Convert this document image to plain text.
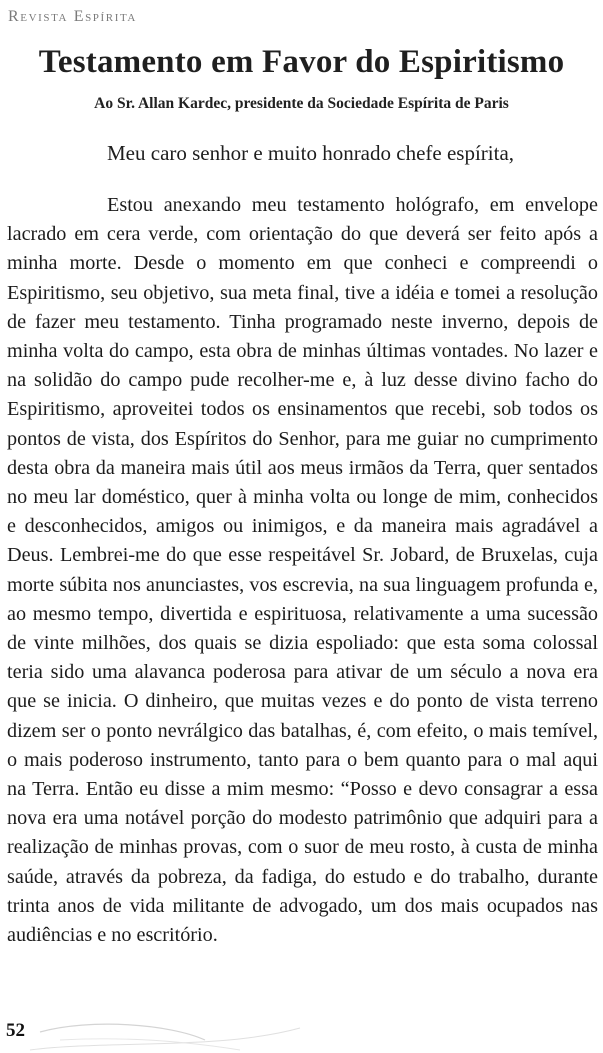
Revista Espírita
Testamento em Favor do Espiritismo
Ao Sr. Allan Kardec, presidente da Sociedade Espírita de Paris
Meu caro senhor e muito honrado chefe espírita,

Estou anexando meu testamento hológrafo, em envelope lacrado em cera verde, com orientação do que deverá ser feito após a minha morte. Desde o momento em que conheci e compreendi o Espiritismo, seu objetivo, sua meta final, tive a idéia e tomei a resolução de fazer meu testamento. Tinha programado neste inverno, depois de minha volta do campo, esta obra de minhas últimas vontades. No lazer e na solidão do campo pude recolher-me e, à luz desse divino facho do Espiritismo, aproveitei todos os ensinamentos que recebi, sob todos os pontos de vista, dos Espíritos do Senhor, para me guiar no cumprimento desta obra da maneira mais útil aos meus irmãos da Terra, quer sentados no meu lar doméstico, quer à minha volta ou longe de mim, conhecidos e desconhecidos, amigos ou inimigos, e da maneira mais agradável a Deus. Lembrei-me do que esse respeitável Sr. Jobard, de Bruxelas, cuja morte súbita nos anunciastes, vos escrevia, na sua linguagem profunda e, ao mesmo tempo, divertida e espirituosa, relativamente a uma sucessão de vinte milhões, dos quais se dizia espoliado: que esta soma colossal teria sido uma alavanca poderosa para ativar de um século a nova era que se inicia. O dinheiro, que muitas vezes e do ponto de vista terreno dizem ser o ponto nevrálgico das batalhas, é, com efeito, o mais temível, o mais poderoso instrumento, tanto para o bem quanto para o mal aqui na Terra. Então eu disse a mim mesmo: “Posso e devo consagrar a essa nova era uma notável porção do modesto patrimônio que adquiri para a realização de minhas provas, com o suor de meu rosto, à custa de minha saúde, através da pobreza, da fadiga, do estudo e do trabalho, durante trinta anos de vida militante de advogado, um dos mais ocupados nas audiências e no escritório.

52
